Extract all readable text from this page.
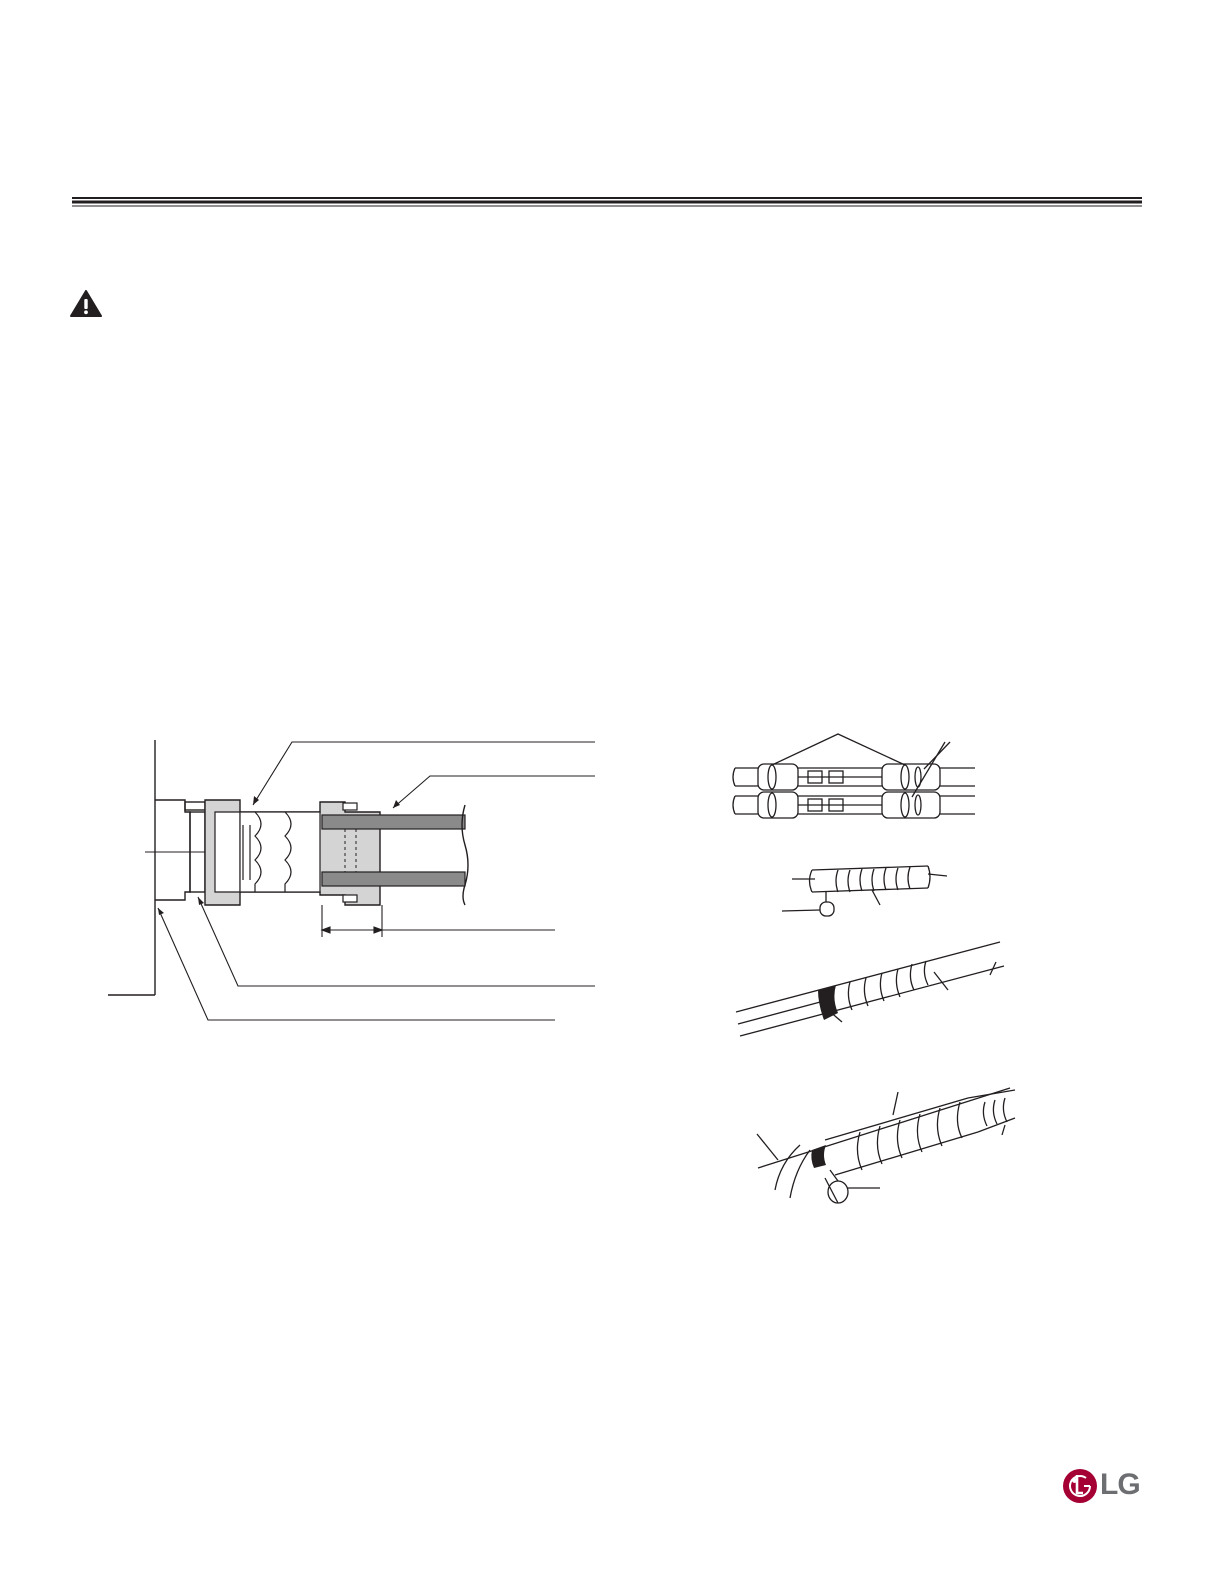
LG
